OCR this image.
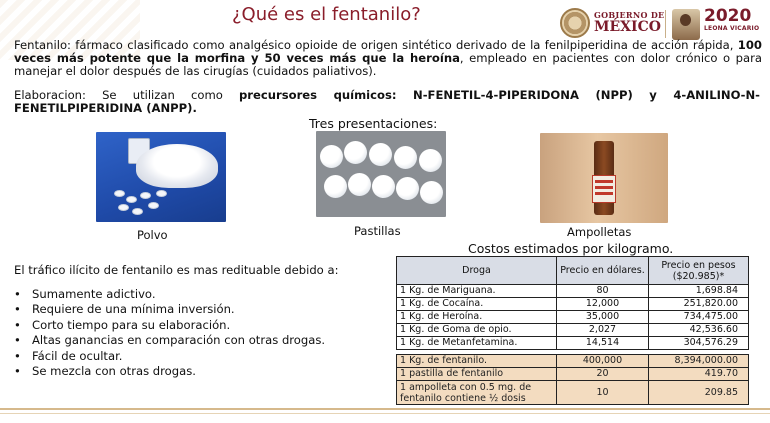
¿Qué es el fentanilo?	GOBIERNO DE
MÉXICO
2020
LEONA VICARIO

Fentanilo: fármaco clasificado como analgésico opioide de origen sintético derivado de la fenilpiperidina de acción rápida, 100 veces más potente que la morfina y 50 veces más que la heroína, empleado en pacientes con dolor crónico o para manejar el dolor después de las cirugías (cuidados paliativos).

Elaboracion: Se utilizan como precursores químicos: N-FENETIL-4-PIPERIDONA (NPP) y 4-ANILINO-N-FENETILPIPERIDINA (ANPP).

Tres presentaciones:
Polvo	Pastillas	Ampolletas
Costos estimados por kilogramo.
El tráfico ilícito de fentanilo es mas redituable debido a:
• Sumamente adictivo.
• Requiere de una mínima inversión.
• Corto tiempo para su elaboración.
• Altas ganancias en comparación con otras drogas.
• Fácil de ocultar.
• Se mezcla con otras drogas.
Droga	Precio en dólares.	Precio en pesos ($20.985)*
1 Kg. de Mariguana.	80	1,698.84
1 Kg. de Cocaína.	12,000	251,820.00
1 Kg. de Heroína.	35,000	734,475.00
1 Kg. de Goma de opio.	2,027	42,536.60
1 Kg. de Metanfetamina.	14,514	304,576.29

1 Kg. de fentanilo.	400,000	8,394,000.00
1 pastilla de fentanilo	20	419.70
1 ampolleta con 0.5 mg. de fentanilo contiene ½ dosis	10	209.85
